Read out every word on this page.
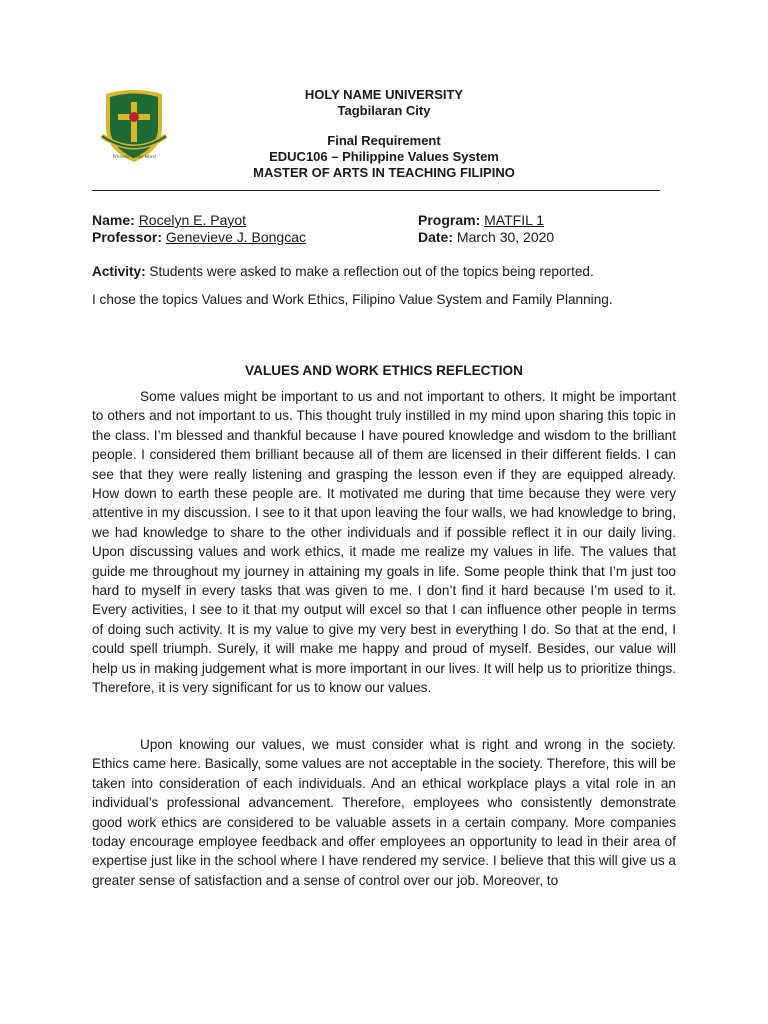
Witness to the Word
HOLY NAME UNIVERSITY
Tagbilaran City
Final Requirement
EDUC106 – Philippine Values System
MASTER OF ARTS IN TEACHING FILIPINO
Name: Rocelyn E. Payot
Professor: Genevieve J. Bongcac
Program: MATFIL 1
Date: March 30, 2020
Activity: Students were asked to make a reflection out of the topics being reported.
I chose the topics Values and Work Ethics, Filipino Value System and Family Planning.
VALUES AND WORK ETHICS REFLECTION

Some values might be important to us and not important to others. It might be important to others and not important to us. This thought truly instilled in my mind upon sharing this topic in the class. I’m blessed and thankful because I have poured knowledge and wisdom to the brilliant people. I considered them brilliant because all of them are licensed in their different fields. I can see that they were really listening and grasping the lesson even if they are equipped already. How down to earth these people are. It motivated me during that time because they were very attentive in my discussion. I see to it that upon leaving the four walls, we had knowledge to bring, we had knowledge to share to the other individuals and if possible reflect it in our daily living. Upon discussing values and work ethics, it made me realize my values in life. The values that guide me throughout my journey in attaining my goals in life. Some people think that I’m just too hard to myself in every tasks that was given to me. I don’t find it hard because I’m used to it. Every activities, I see to it that my output will excel so that I can influence other people in terms of doing such activity. It is my value to give my very best in everything I do. So that at the end, I could spell triumph. Surely, it will make me happy and proud of myself. Besides, our value will help us in making judgement what is more important in our lives. It will help us to prioritize things. Therefore, it is very significant for us to know our values.

Upon knowing our values, we must consider what is right and wrong in the society. Ethics came here. Basically, some values are not acceptable in the society. Therefore, this will be taken into consideration of each individuals. And an ethical workplace plays a vital role in an individual’s professional advancement. Therefore, employees who consistently demonstrate good work ethics are considered to be valuable assets in a certain company. More companies today encourage employee feedback and offer employees an opportunity to lead in their area of expertise just like in the school where I have rendered my service. I believe that this will give us a greater sense of satisfaction and a sense of control over our job. Moreover, to
